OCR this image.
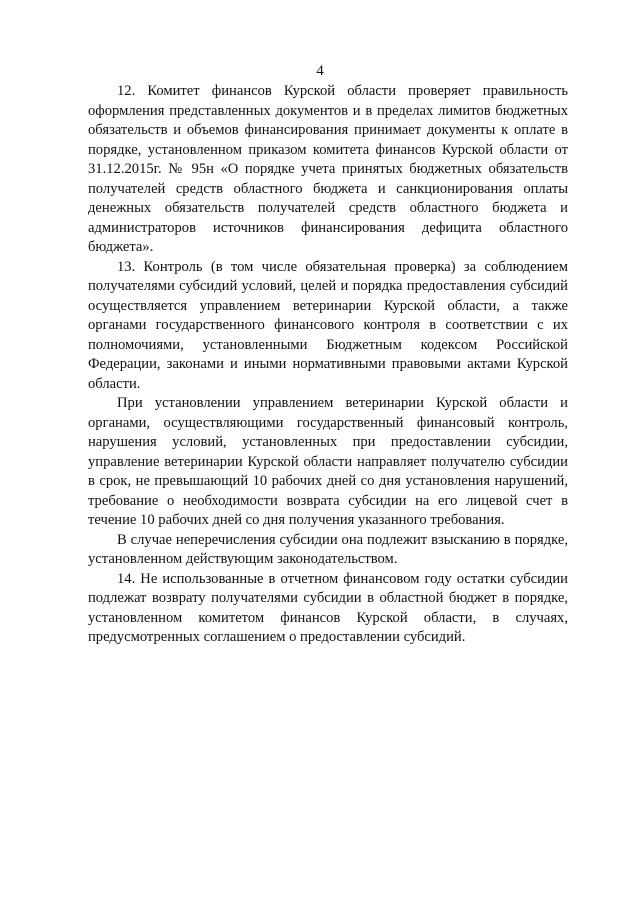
4

12. Комитет финансов Курской области проверяет правильность оформления представленных документов и в пределах лимитов бюджетных обязательств и объемов финансирования принимает документы к оплате в порядке, установленном приказом комитета финансов Курской области от 31.12.2015г. № 95н «О порядке учета принятых бюджетных обязательств получателей средств областного бюджета и санкционирования оплаты денежных обязательств получателей средств областного бюджета и администраторов источников финансирования дефицита областного бюджета».

13. Контроль (в том числе обязательная проверка) за соблюдением получателями субсидий условий, целей и порядка предоставления субсидий осуществляется управлением ветеринарии Курской области, а также органами государственного финансового контроля в соответствии с их полномочиями, установленными Бюджетным кодексом Российской Федерации, законами и иными нормативными правовыми актами Курской области.

При установлении управлением ветеринарии Курской области и органами, осуществляющими государственный финансовый контроль, нарушения условий, установленных при предоставлении субсидии, управление ветеринарии Курской области направляет получателю субсидии в срок, не превышающий 10 рабочих дней со дня установления нарушений, требование о необходимости возврата субсидии на его лицевой счет в течение 10 рабочих дней со дня получения указанного требования.

В случае неперечисления субсидии она подлежит взысканию в порядке, установленном действующим законодательством.

14. Не использованные в отчетном финансовом году остатки субсидии подлежат возврату получателями субсидии в областной бюджет в порядке, установленном комитетом финансов Курской области, в случаях, предусмотренных соглашением о предоставлении субсидий.
